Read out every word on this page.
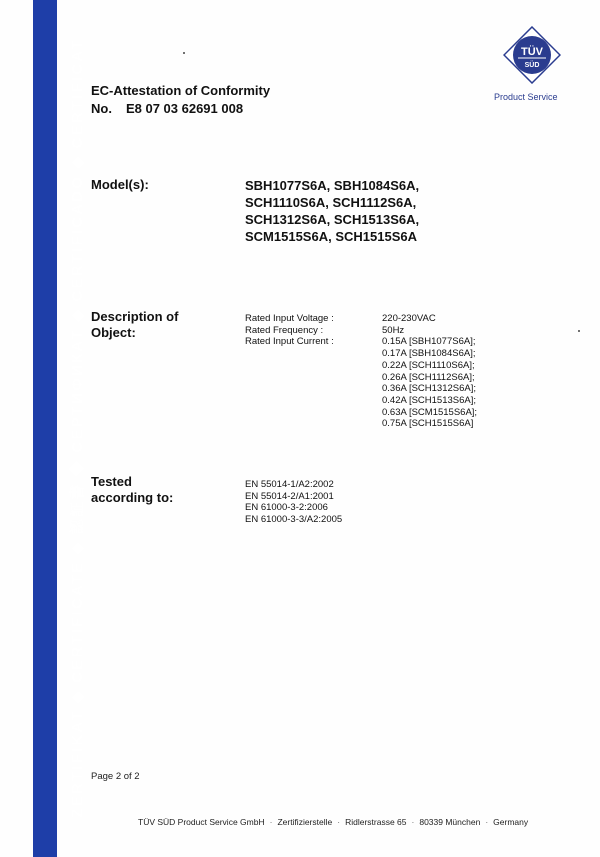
ZERTIFIKAT ◆ CERTIFICATE ◆ 認証書 ◆ СЕРТИФИКАТ ◆ CERTIFICADO ◆ CERTIFICAT	TÜV
SÜD
Product Service
EC-Attestation of Conformity
No. E8 07 03 62691 008
Model(s):	SBH1077S6A, SBH1084S6A,
SCH1110S6A, SCH1112S6A,
SCH1312S6A, SCH1513S6A,
SCM1515S6A, SCH1515S6A
Description of
Object:
Rated Input Voltage :
Rated Frequency :
Rated Input Current :
220-230VAC
50Hz
0.15A [SBH1077S6A];
0.17A [SBH1084S6A];
0.22A [SCH1110S6A];
0.26A [SCH1112S6A];
0.36A [SCH1312S6A];
0.42A [SCH1513S6A];
0.63A [SCM1515S6A];
0.75A [SCH1515S6A]
Tested
according to:
EN 55014-1/A2:2002
EN 55014-2/A1:2001
EN 61000-3-2:2006
EN 61000-3-3/A2:2005
Page 2 of 2
TÜV SÜD Product Service GmbH · Zertifizierstelle · Ridlerstrasse 65 · 80339 München · Germany
